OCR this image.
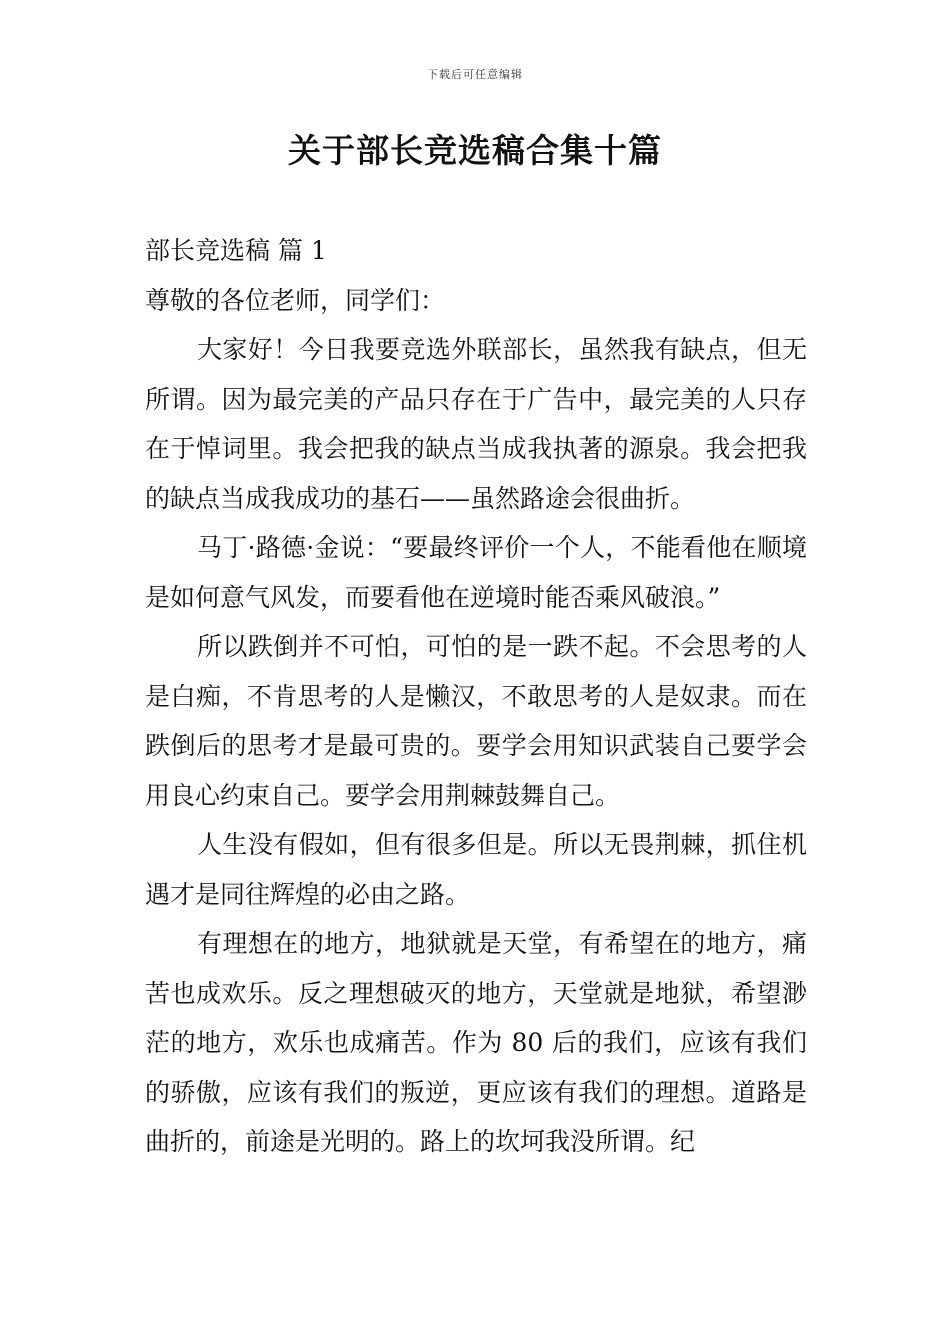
下载后可任意编辑
关于部长竞选稿合集十篇

部长竞选稿 篇 1

尊敬的各位老师，同学们：

大家好！今日我要竞选外联部长，虽然我有缺点，但无所谓。因为最完美的产品只存在于广告中，最完美的人只存在于悼词里。我会把我的缺点当成我执著的源泉。我会把我的缺点当成我成功的基石——虽然路途会很曲折。

马丁·路德·金说：“要最终评价一个人，不能看他在顺境是如何意气风发，而要看他在逆境时能否乘风破浪。”

所以跌倒并不可怕，可怕的是一跌不起。不会思考的人是白痴，不肯思考的人是懒汉，不敢思考的人是奴隶。而在跌倒后的思考才是最可贵的。要学会用知识武装自己要学会用良心约束自己。要学会用荆棘鼓舞自己。

人生没有假如，但有很多但是。所以无畏荆棘，抓住机遇才是同往辉煌的必由之路。

有理想在的地方，地狱就是天堂，有希望在的地方，痛苦也成欢乐。反之理想破灭的地方，天堂就是地狱，希望渺茫的地方，欢乐也成痛苦。作为 80 后的我们，应该有我们的骄傲，应该有我们的叛逆，更应该有我们的理想。道路是曲折的，前途是光明的。路上的坎坷我没所谓。纪
